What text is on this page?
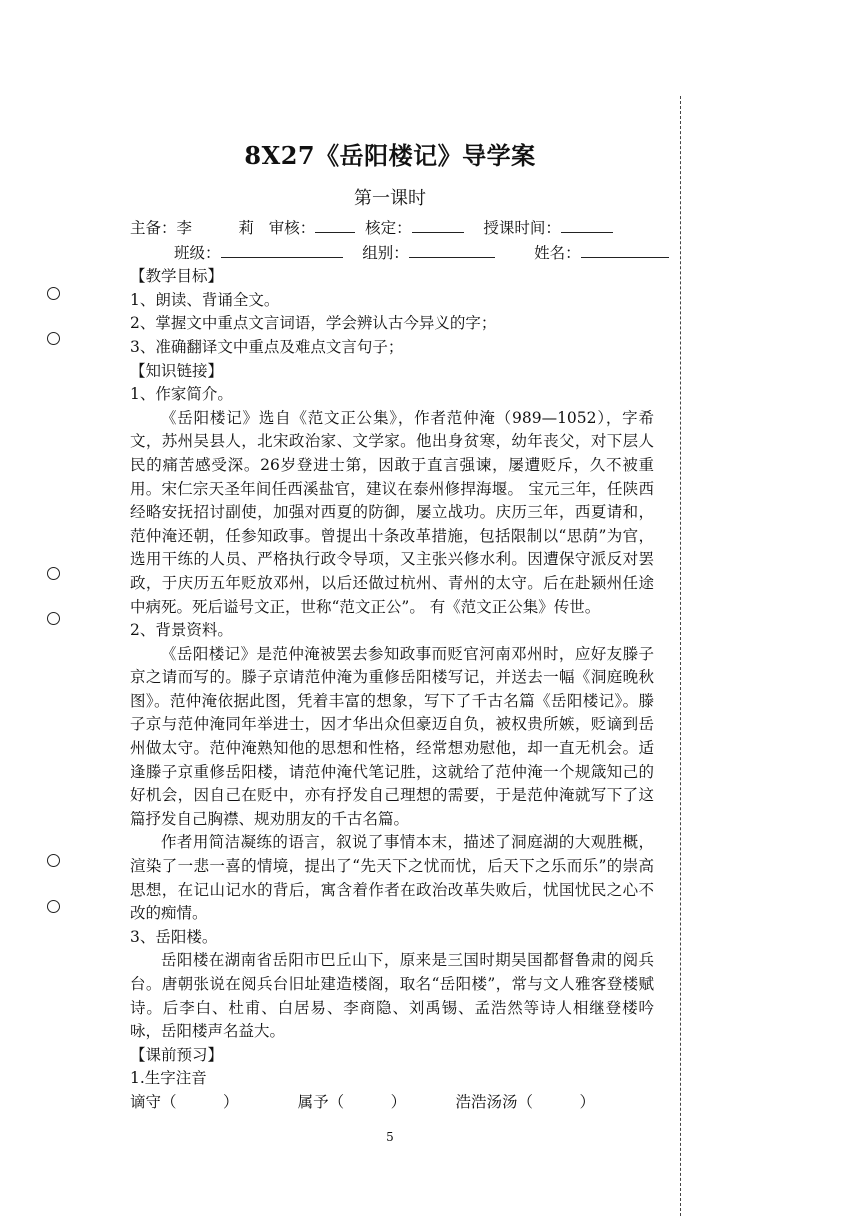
8X27《岳阳楼记》导学案
第一课时
主备：李　　　莉 审核：	核定：	授课时间：
班级：	组别：	姓名：
【教学目标】
1、朗读、背诵全文。
2、掌握文中重点文言词语，学会辨认古今异义的字；
3、准确翻译文中重点及难点文言句子；
【知识链接】
1、作家简介。
《岳阳楼记》选自《范文正公集》，作者范仲淹（989—1052），字希文，苏州吴县人，北宋政治家、文学家。他出身贫寒，幼年丧父，对下层人民的痛苦感受深。26岁登进士第，因敢于直言强谏，屡遭贬斥，久不被重用。宋仁宗天圣年间任西溪盐官，建议在泰州修捍海堰。 宝元三年，任陕西经略安抚招讨副使，加强对西夏的防御，屡立战功。庆历三年，西夏请和，范仲淹还朝，任参知政事。曾提出十条改革措施，包括限制以“思荫”为官，选用干练的人员、严格执行政令导项，又主张兴修水利。因遭保守派反对罢政，于庆历五年贬放邓州，以后还做过杭州、青州的太守。后在赴颍州任途中病死。死后谥号文正，世称“范文正公”。 有《范文正公集》传世。
2、背景资料。
《岳阳楼记》是范仲淹被罢去参知政事而贬官河南邓州时，应好友滕子京之请而写的。滕子京请范仲淹为重修岳阳楼写记，并送去一幅《洞庭晚秋图》。范仲淹依据此图，凭着丰富的想象，写下了千古名篇《岳阳楼记》。滕子京与范仲淹同年举进士，因才华出众但豪迈自负，被权贵所嫉，贬谪到岳州做太守。范仲淹熟知他的思想和性格，经常想劝慰他，却一直无机会。适逢滕子京重修岳阳楼，请范仲淹代笔记胜，这就给了范仲淹一个规箴知己的好机会，因自己在贬中，亦有抒发自己理想的需要，于是范仲淹就写下了这篇抒发自己胸襟、规劝朋友的千古名篇。
作者用简洁凝练的语言，叙说了事情本末，描述了洞庭湖的大观胜概，渲染了一悲一喜的情境，提出了“先天下之忧而忧，后天下之乐而乐”的崇高思想，在记山记水的背后，寓含着作者在政治改革失败后，忧国忧民之心不改的痴情。
3、岳阳楼。
岳阳楼在湖南省岳阳市巴丘山下，原来是三国时期吴国都督鲁肃的阅兵台。唐朝张说在阅兵台旧址建造楼阁，取名“岳阳楼”，常与文人雅客登楼赋诗。后李白、杜甫、白居易、李商隐、刘禹锡、孟浩然等诗人相继登楼吟咏，岳阳楼声名益大。
【课前预习】
1.生字注音
谪守（　　　）	属予（　　　）	浩浩汤汤（　　　）
5
